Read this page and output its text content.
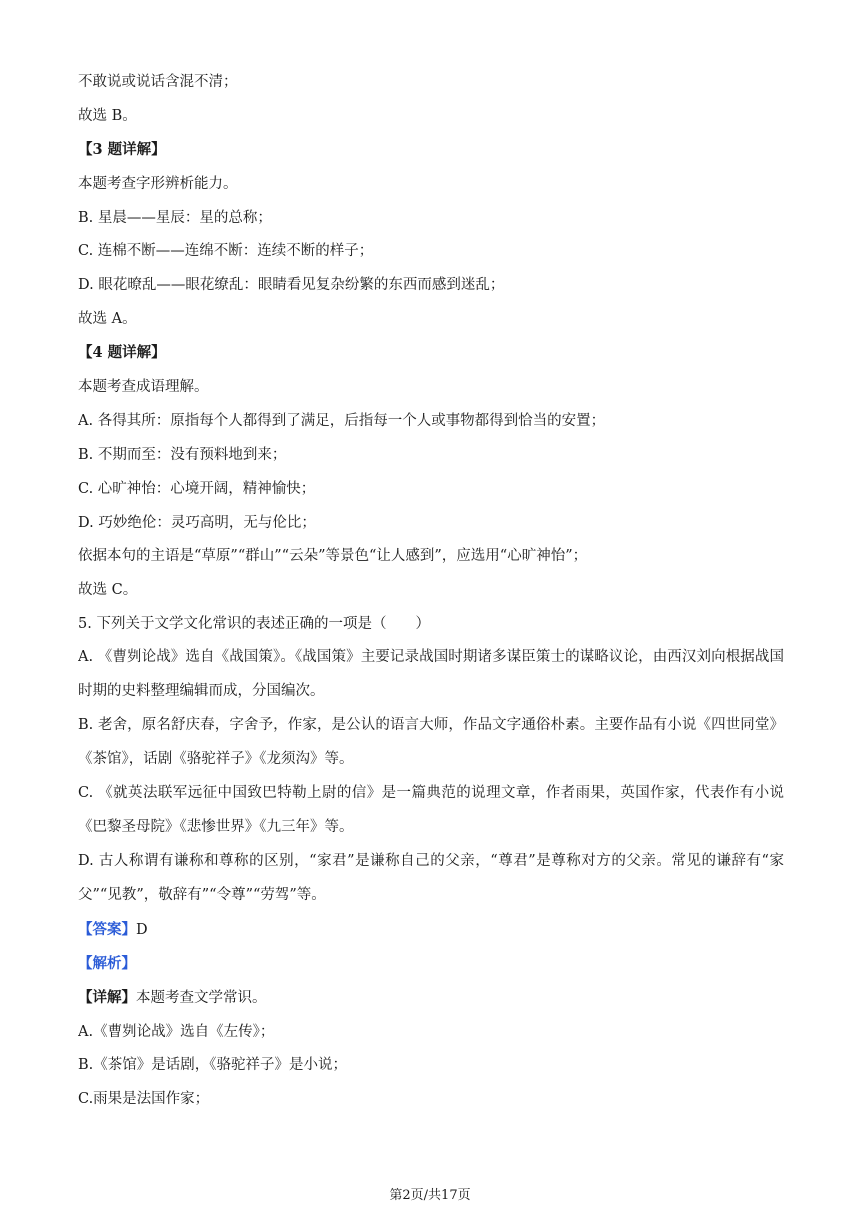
不敢说或说话含混不清；
故选 B。
【3 题详解】
本题考查字形辨析能力。
B. 星晨——星辰：星的总称；
C. 连棉不断——连绵不断：连续不断的样子；
D. 眼花暸乱——眼花缭乱：眼睛看见复杂纷繁的东西而感到迷乱；
故选 A。
【4 题详解】
本题考查成语理解。
A. 各得其所：原指每个人都得到了满足，后指每一个人或事物都得到恰当的安置；
B. 不期而至：没有预料地到来；
C. 心旷神怡：心境开阔，精神愉快；
D. 巧妙绝伦：灵巧高明，无与伦比；
依据本句的主语是“草原”“群山”“云朵”等景色“让人感到”，应选用“心旷神怡”；
故选 C。
5. 下列关于文学文化常识的表述正确的一项是（　　）
A. 《曹刿论战》选自《战国策》。《战国策》主要记录战国时期诸多谋臣策士的谋略议论，由西汉刘向根据战国时期的史料整理编辑而成，分国编次。
B. 老舍，原名舒庆春，字舍予，作家，是公认的语言大师，作品文字通俗朴素。主要作品有小说《四世同堂》《茶馆》，话剧《骆驼祥子》《龙须沟》等。
C. 《就英法联军远征中国致巴特勒上尉的信》是一篇典范的说理文章，作者雨果，英国作家，代表作有小说《巴黎圣母院》《悲惨世界》《九三年》等。
D. 古人称谓有谦称和尊称的区别，“家君”是谦称自己的父亲，“尊君”是尊称对方的父亲。常见的谦辞有“家父”“见教”，敬辞有”“令尊”“劳驾”等。
【答案】D
【解析】
【详解】本题考查文学常识。
A.《曹刿论战》选自《左传》；
B.《茶馆》是话剧，《骆驼祥子》是小说；
C.雨果是法国作家；
第2页/共17页
